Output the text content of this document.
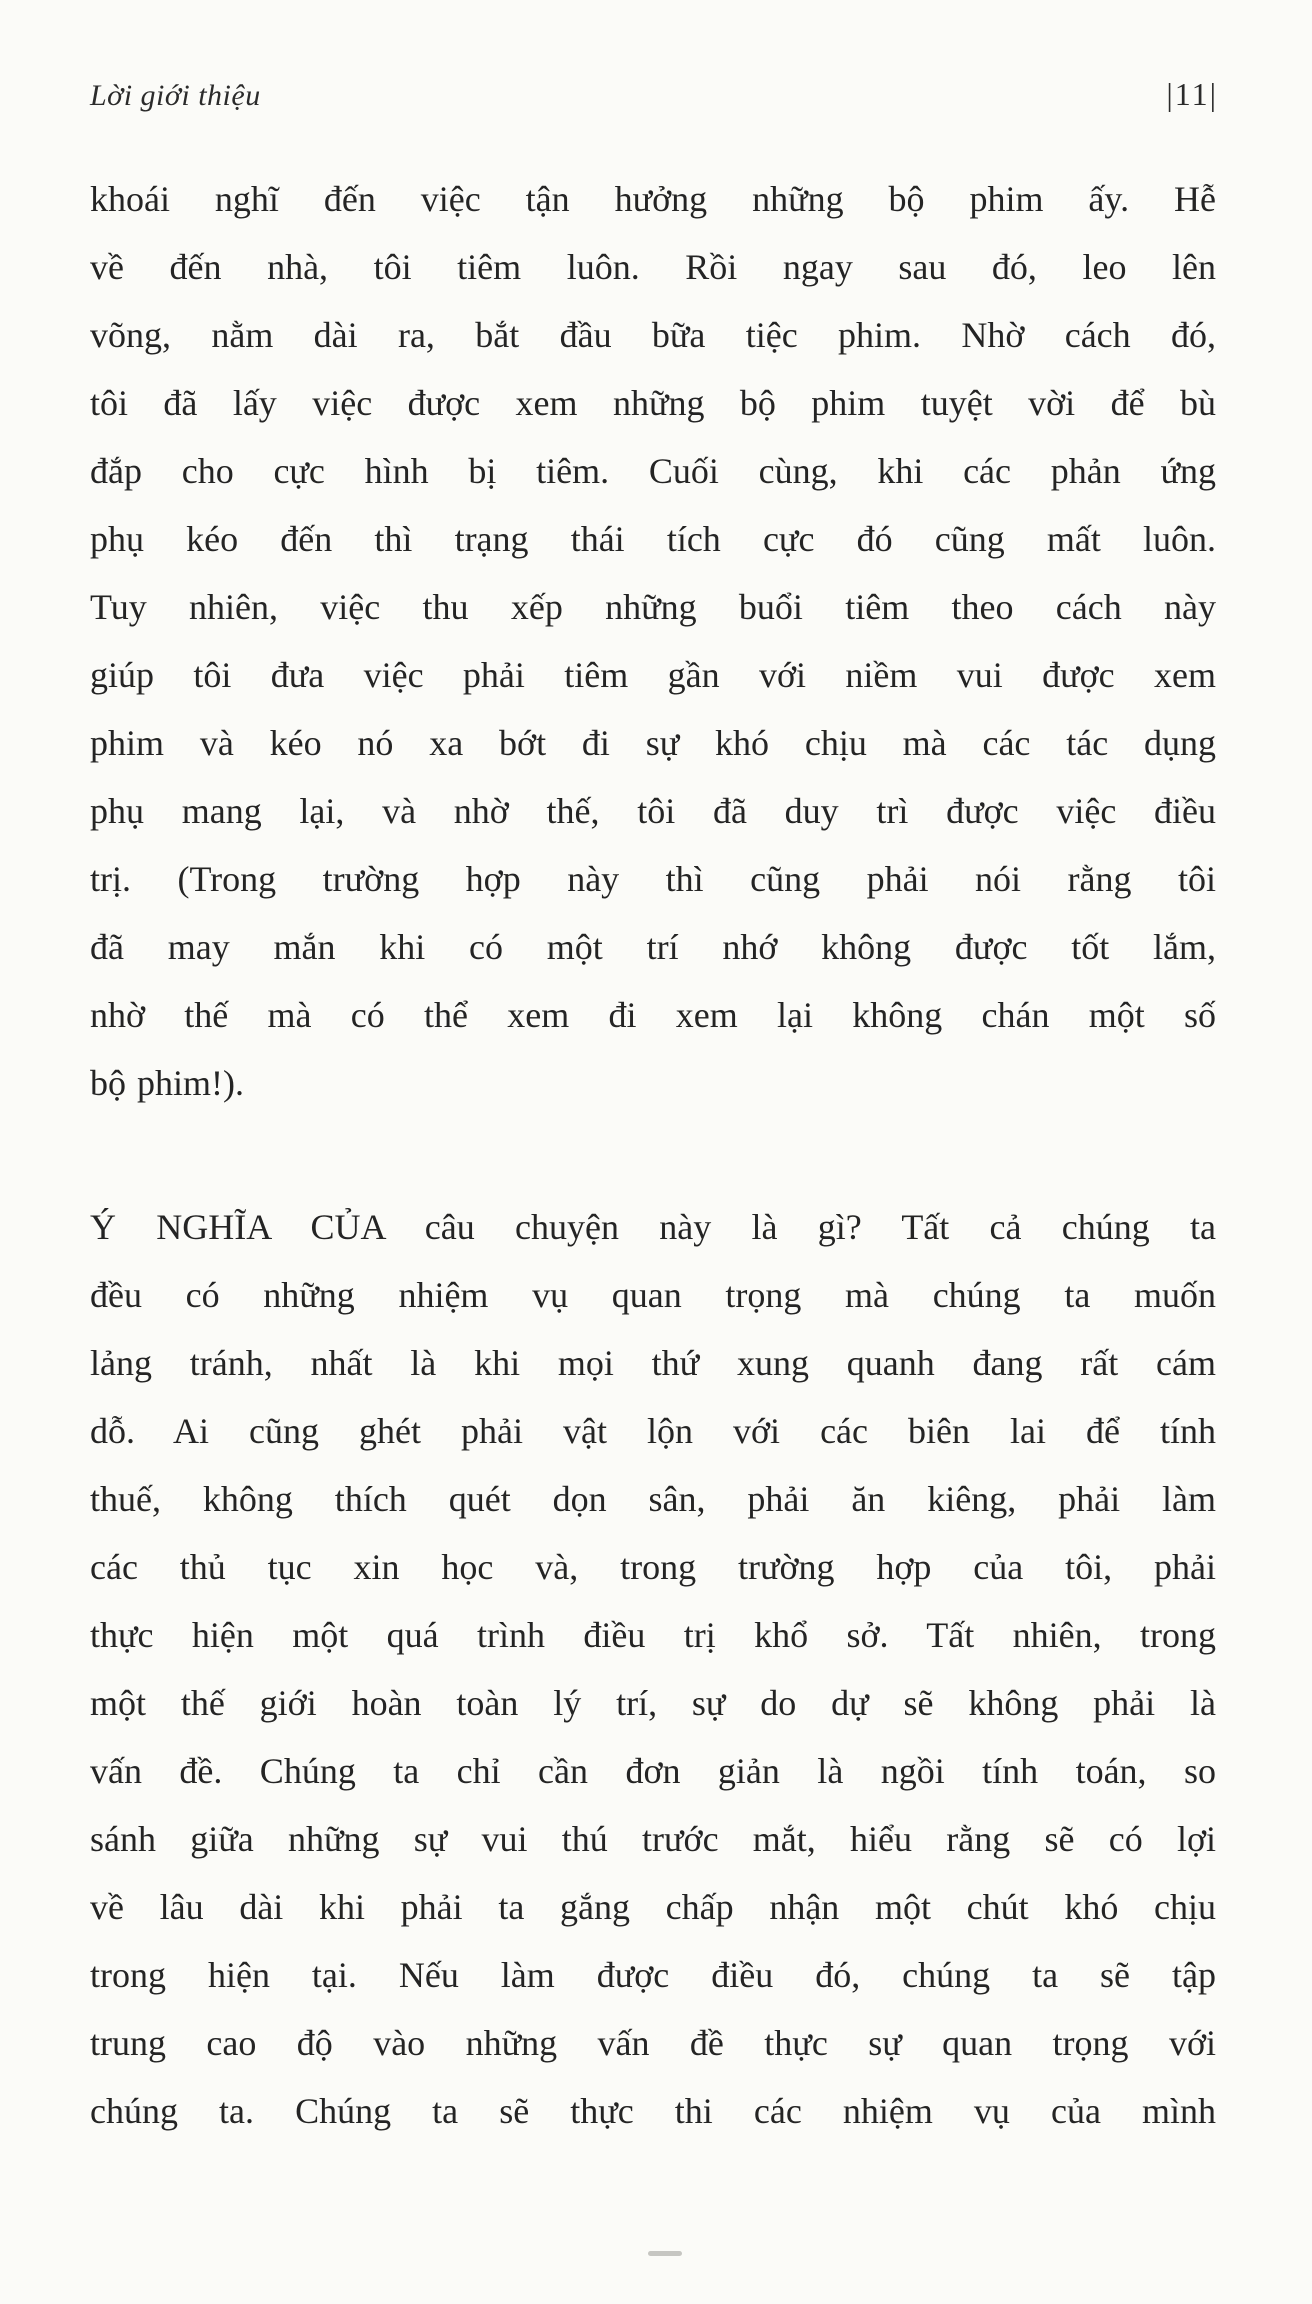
Lời giới thiệu	|11|
khoái nghĩ đến việc tận hưởng những bộ phim ấy. Hễ
về đến nhà, tôi tiêm luôn. Rồi ngay sau đó, leo lên
võng, nằm dài ra, bắt đầu bữa tiệc phim. Nhờ cách đó,
tôi đã lấy việc được xem những bộ phim tuyệt vời để bù
đắp cho cực hình bị tiêm. Cuối cùng, khi các phản ứng
phụ kéo đến thì trạng thái tích cực đó cũng mất luôn.
Tuy nhiên, việc thu xếp những buổi tiêm theo cách này
giúp tôi đưa việc phải tiêm gần với niềm vui được xem
phim và kéo nó xa bớt đi sự khó chịu mà các tác dụng
phụ mang lại, và nhờ thế, tôi đã duy trì được việc điều
trị. (Trong trường hợp này thì cũng phải nói rằng tôi
đã may mắn khi có một trí nhớ không được tốt lắm,
nhờ thế mà có thể xem đi xem lại không chán một số
bộ phim!).
Ý NGHĨA CỦA câu chuyện này là gì? Tất cả chúng ta
đều có những nhiệm vụ quan trọng mà chúng ta muốn
lảng tránh, nhất là khi mọi thứ xung quanh đang rất cám
dỗ. Ai cũng ghét phải vật lộn với các biên lai để tính
thuế, không thích quét dọn sân, phải ăn kiêng, phải làm
các thủ tục xin học và, trong trường hợp của tôi, phải
thực hiện một quá trình điều trị khổ sở. Tất nhiên, trong
một thế giới hoàn toàn lý trí, sự do dự sẽ không phải là
vấn đề. Chúng ta chỉ cần đơn giản là ngồi tính toán, so
sánh giữa những sự vui thú trước mắt, hiểu rằng sẽ có lợi
về lâu dài khi phải ta gắng chấp nhận một chút khó chịu
trong hiện tại. Nếu làm được điều đó, chúng ta sẽ tập
trung cao độ vào những vấn đề thực sự quan trọng với
chúng ta. Chúng ta sẽ thực thi các nhiệm vụ của mình
